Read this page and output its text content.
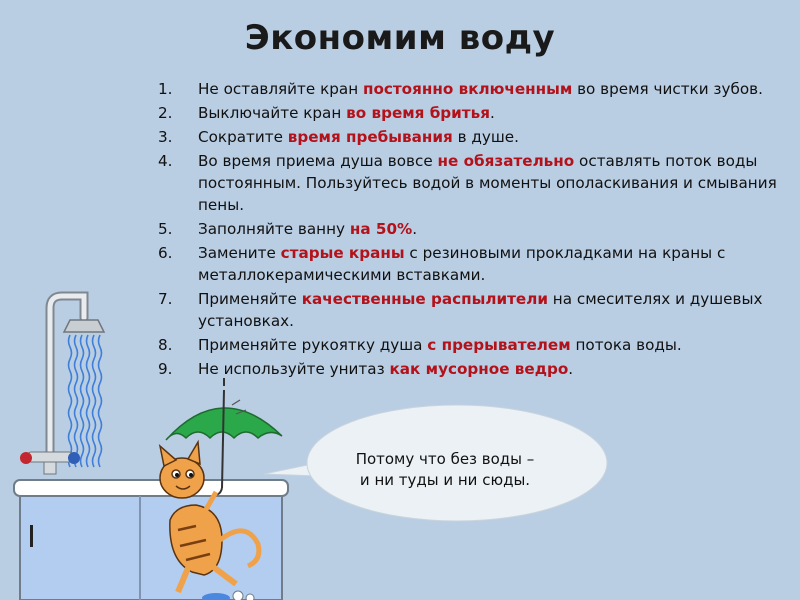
Экономим воду
1. Не оставляйте кран постоянно включенным во время чистки зубов.
2. Выключайте кран во время бритья.
3. Сократите время пребывания в душе.
4. Во время приема душа вовсе не обязательно оставлять поток воды постоянным. Пользуйтесь водой в моменты ополаскивания и смывания пены.
5. Заполняйте ванну на 50%.
6. Замените старые краны с резиновыми прокладками на краны с металлокерамическими вставками.
7. Применяйте качественные распылители на смесителях и душевых установках.
8. Применяйте рукоятку душа с прерывателем потока воды.
9. Не используйте унитаз как мусорное ведро.
Потому что без воды –
и ни туды и ни сюды.
